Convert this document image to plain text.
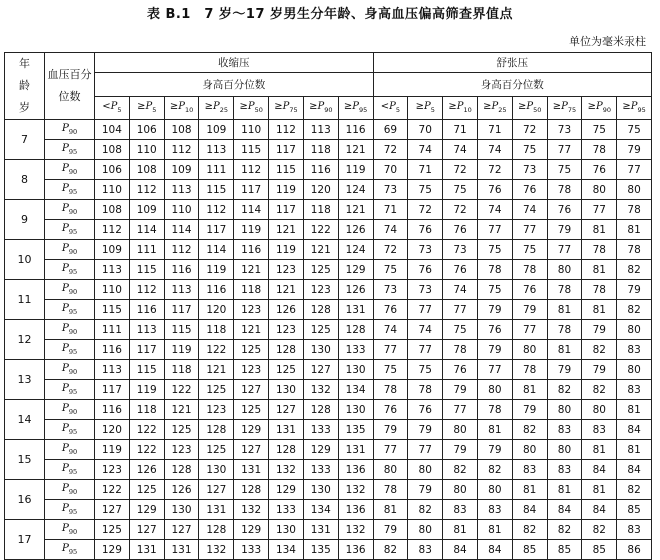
表 B.1　7 岁～17 岁男生分年龄、身高血压偏高筛查界值点
单位为毫米汞柱
年龄岁	血压百分位数	收缩压								舒张压							
		身高百分位数								身高百分位数							
		$<P_5$	$\ge P_5$	$\ge P_{10}$	$\ge P_{25}$	$\ge P_{50}$	$\ge P_{75}$	$\ge P_{90}$	$\ge P_{95}$	$<P_5$	$\ge P_5$	$\ge P_{10}$	$\ge P_{25}$	$\ge P_{50}$	$\ge P_{75}$	$\ge P_{90}$	$\ge P_{95}$
7	$P_{90}$	104	106	108	109	110	112	113	116	69	70	71	71	72	73	75	75
	$P_{95}$	108	110	112	113	115	117	118	121	72	74	74	74	75	77	78	79
8	$P_{90}$	106	108	109	111	112	115	116	119	70	71	72	72	73	75	76	77
	$P_{95}$	110	112	113	115	117	119	120	124	73	75	75	76	76	78	80	80
9	$P_{90}$	108	109	110	112	114	117	118	121	71	72	72	74	74	76	77	78
	$P_{95}$	112	114	114	117	119	121	122	126	74	76	76	77	77	79	81	81
10	$P_{90}$	109	111	112	114	116	119	121	124	72	73	73	75	75	77	78	78
	$P_{95}$	113	115	116	119	121	123	125	129	75	76	76	78	78	80	81	82
11	$P_{90}$	110	112	113	116	118	121	123	126	73	73	74	75	76	78	78	79
	$P_{95}$	115	116	117	120	123	126	128	131	76	77	77	79	79	81	81	82
12	$P_{90}$	111	113	115	118	121	123	125	128	74	74	75	76	77	78	79	80
	$P_{95}$	116	117	119	122	125	128	130	133	77	77	78	79	80	81	82	83
13	$P_{90}$	113	115	118	121	123	125	127	130	75	75	76	77	78	79	79	80
	$P_{95}$	117	119	122	125	127	130	132	134	78	78	79	80	81	82	82	83
14	$P_{90}$	116	118	121	123	125	127	128	130	76	76	77	78	79	80	80	81
	$P_{95}$	120	122	125	128	129	131	133	135	79	79	80	81	82	83	83	84
15	$P_{90}$	119	122	123	125	127	128	129	131	77	77	79	79	80	80	81	81
	$P_{95}$	123	126	128	130	131	132	133	136	80	80	82	82	83	83	84	84
16	$P_{90}$	122	125	126	127	128	129	130	132	78	79	80	80	81	81	81	82
	$P_{95}$	127	129	130	131	132	133	134	136	81	82	83	83	84	84	84	85
17	$P_{90}$	125	127	127	128	129	130	131	132	79	80	81	81	82	82	82	83
	$P_{95}$	129	131	131	132	133	134	135	136	82	83	84	84	85	85	85	86
